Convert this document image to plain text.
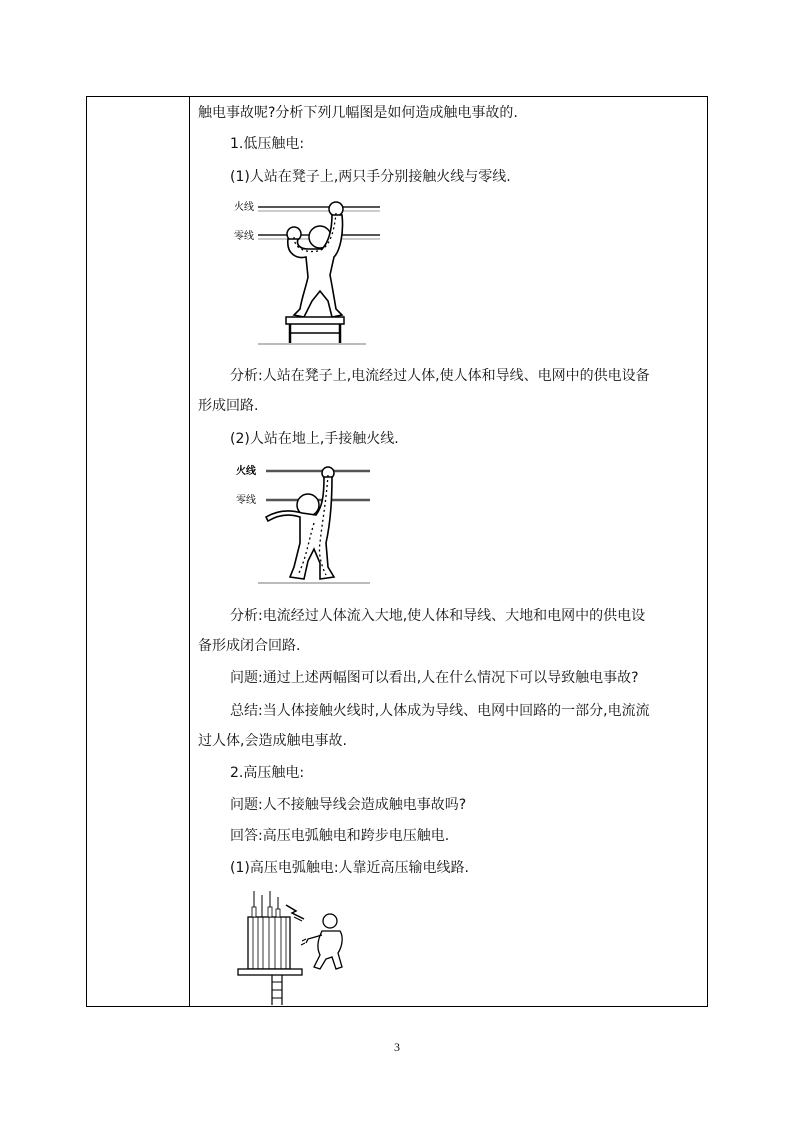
触电事故呢?分析下列几幅图是如何造成触电事故的.
1.低压触电:
(1)人站在凳子上,两只手分别接触火线与零线.
火线
零线
分析:人站在凳子上,电流经过人体,使人体和导线、电网中的供电设备
形成回路.
(2)人站在地上,手接触火线.
火线
零线
分析:电流经过人体流入大地,使人体和导线、大地和电网中的供电设
备形成闭合回路.
问题:通过上述两幅图可以看出,人在什么情况下可以导致触电事故?
总结:当人体接触火线时,人体成为导线、电网中回路的一部分,电流流
过人体,会造成触电事故.
2.高压触电:
问题:人不接触导线会造成触电事故吗?
回答:高压电弧触电和跨步电压触电.
(1)高压电弧触电:人靠近高压输电线路.
3
